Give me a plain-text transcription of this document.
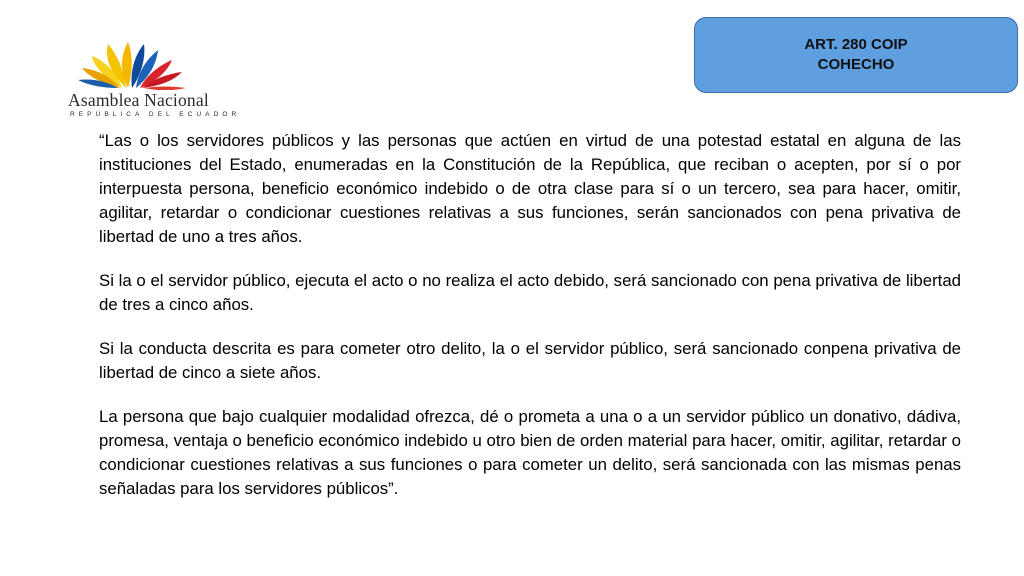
Asamblea Nacional
REPÚBLICA DEL ECUADOR
ART. 280 COIP
COHECHO

“Las o los servidores públicos y las personas que actúen en virtud de una potestad estatal en alguna de las instituciones del Estado, enumeradas en la Constitución de la República, que reciban o acepten, por sí o por interpuesta persona, beneficio económico indebido o de otra clase para sí o un tercero, sea para hacer, omitir, agilitar, retardar o condicionar cuestiones relativas a sus funciones, serán sancionados con pena privativa de libertad de uno a tres años.

Si la o el servidor público, ejecuta el acto o no realiza el acto debido, será sancionado con pena privativa de libertad de tres a cinco años.

Si la conducta descrita es para cometer otro delito, la o el servidor público, será sancionado conpena privativa de libertad de cinco a siete años.

La persona que bajo cualquier modalidad ofrezca, dé o prometa a una o a un servidor público un donativo, dádiva, promesa, ventaja o beneficio económico indebido u otro bien de orden material para hacer, omitir, agilitar, retardar o condicionar cuestiones relativas a sus funciones o para cometer un delito, será sancionada con las mismas penas señaladas para los servidores públicos”.
